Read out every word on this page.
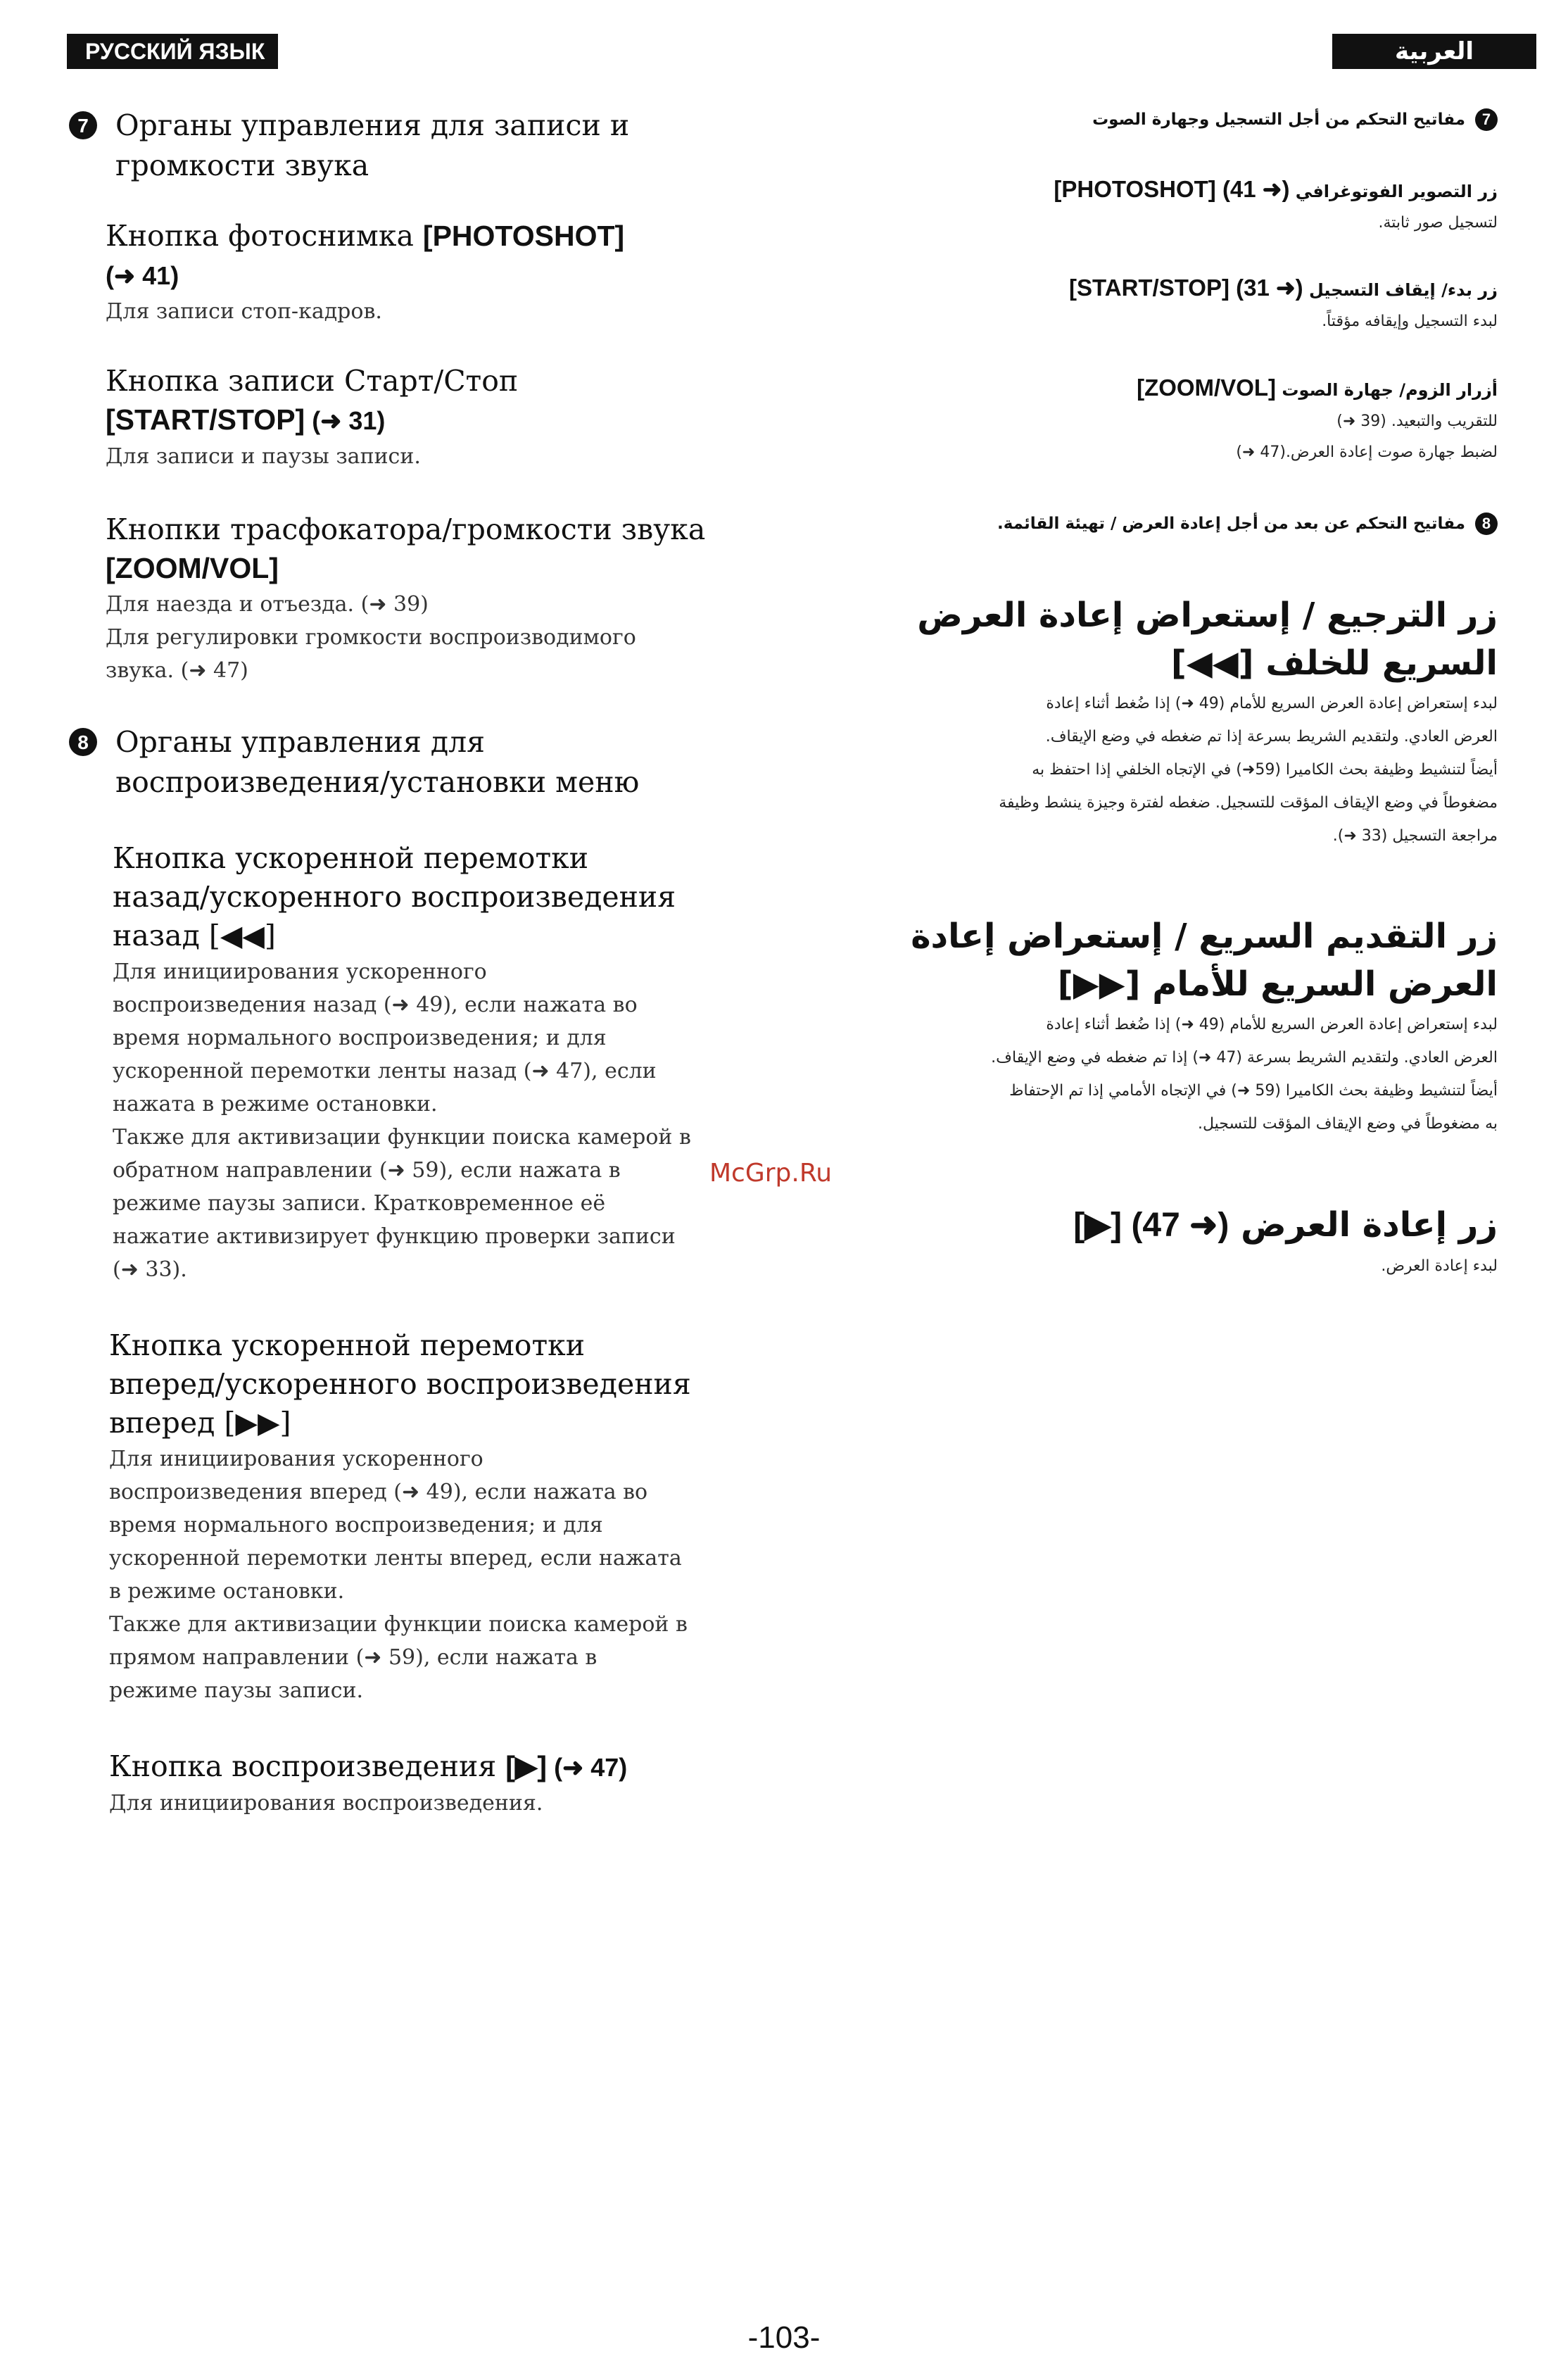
РУССКИЙ ЯЗЫК	العربية
7 Органы управления для записи и
громкости звука
Кнопка фотоснимка [PHOTOSHOT]
(➜ 41)
Для записи стоп-кадров.
Кнопка записи Старт/Стоп
[START/STOP] (➜ 31)
Для записи и паузы записи.
Кнопки трасфокатора/громкости звука
[ZOOM/VOL]
Для наезда и отъезда. (➜ 39)
Для регулировки громкости воспроизводимого
звука. (➜ 47)
8 Органы управления для
воспроизведения/установки меню
Кнопка ускоренной перемотки
назад/ускоренного воспроизведения
назад [◀◀]
Для инициирования ускоренного
воспроизведения назад (➜ 49), если нажата во
время нормального воспроизведения; и для
ускоренной перемотки ленты назад (➜ 47), если
нажата в режиме остановки.
Также для активизации функции поиска камерой в
обратном направлении (➜ 59), если нажата в
режиме паузы записи. Кратковременное её
нажатие активизирует функцию проверки записи
(➜ 33).
Кнопка ускоренной перемотки
вперед/ускоренного воспроизведения
вперед [▶▶]
Для инициирования ускоренного
воспроизведения вперед (➜ 49), если нажата во
время нормального воспроизведения; и для
ускоренной перемотки ленты вперед, если нажата
в режиме остановки.
Также для активизации функции поиска камерой в
прямом направлении (➜ 59), если нажата в
режиме паузы записи.
Кнопка воспроизведения [▶] (➜ 47)
Для инициирования воспроизведения.
7
مفاتيح التحكم من أجل التسجيل وجهارة الصوت
زر التصوير الفوتوغرافي [PHOTOSHOT] (41 ➜)
لتسجيل صور ثابتة.
زر بدء/ إيقاف التسجيل [START/STOP] (31 ➜)
لبدء التسجيل وإيقافه مؤقتاً.
أزرار الزوم/ جهارة الصوت [ZOOM/VOL]
للتقريب والتبعيد. (39 ➜)
لضبط جهارة صوت إعادة العرض.(47 ➜)
8
مفاتيح التحكم عن بعد من أجل إعادة العرض / تهيئة القائمة.
زر الترجيع / إستعراض إعادة العرض
السريع للخلف [◀◀]
لبدء إستعراض إعادة العرض السريع للأمام (49 ➜) إذا ضُغط أثناء إعادة
العرض العادي. ولتقديم الشريط بسرعة إذا تم ضغطه في وضع الإيقاف.
أيضاً لتنشيط وظيفة بحث الكاميرا (59➜) في الإتجاه الخلفي إذا احتفظ به
مضغوطاً في وضع الإيقاف المؤقت للتسجيل. ضغطه لفترة وجيزة ينشط وظيفة
مراجعة التسجيل (33 ➜).
زر التقديم السريع / إستعراض إعادة
العرض السريع للأمام [▶▶]
لبدء إستعراض إعادة العرض السريع للأمام (49 ➜) إذا ضُغط أثناء إعادة
العرض العادي. ولتقديم الشريط بسرعة (47 ➜) إذا تم ضغطه في وضع الإيقاف.
أيضاً لتنشيط وظيفة بحث الكاميرا (59 ➜) في الإتجاه الأمامي إذا تم الإحتفاظ
به مضغوطاً في وضع الإيقاف المؤقت للتسجيل.
زر إعادة العرض [▶] (47 ➜)
لبدء إعادة العرض.
McGrp.Ru
-103-
